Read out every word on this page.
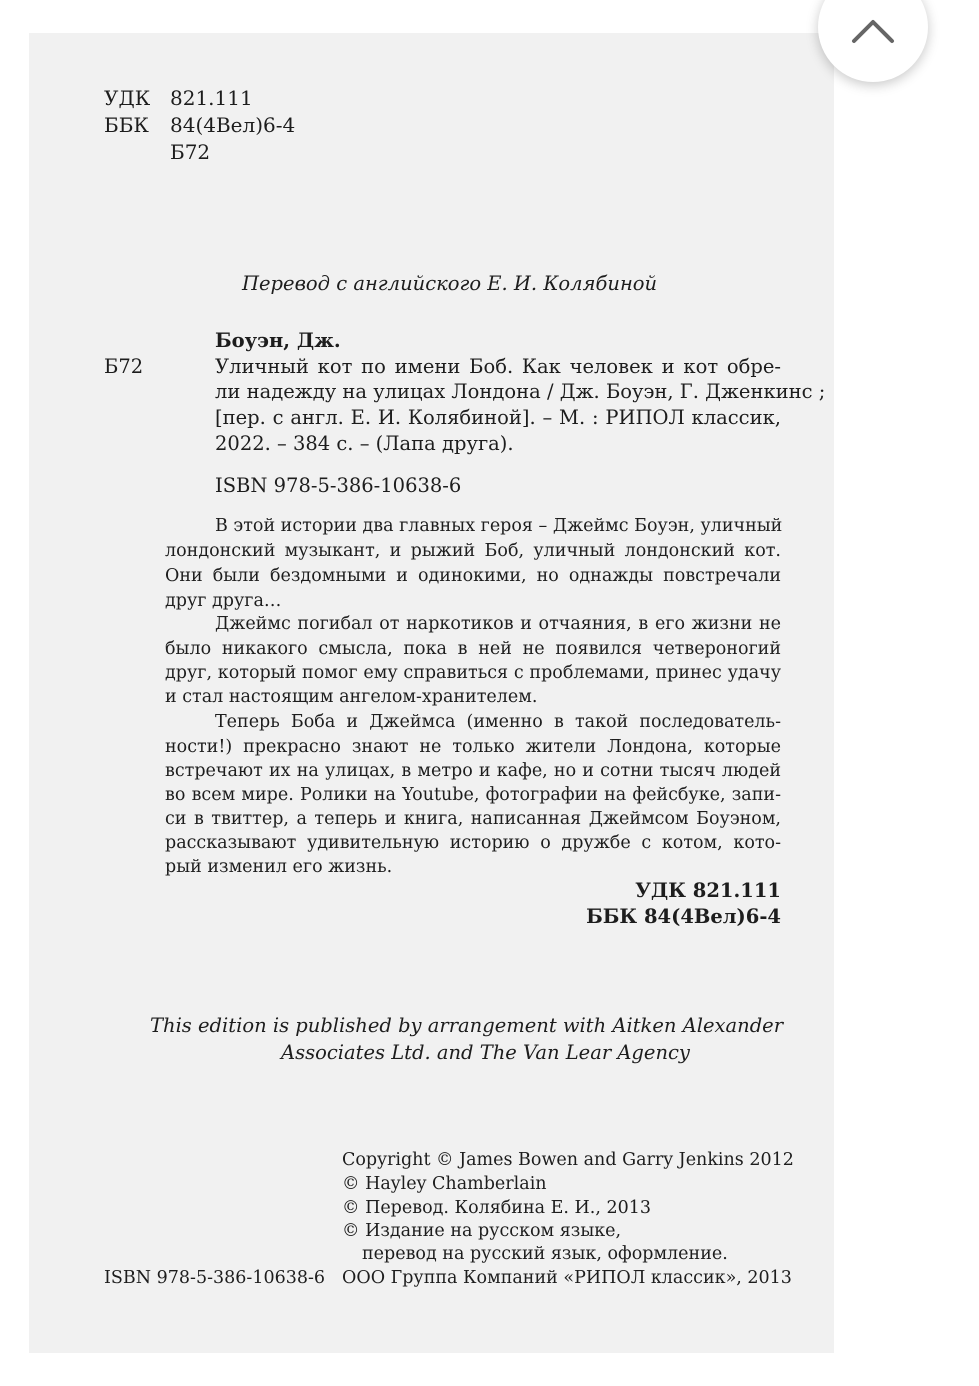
УДК 821.111
ББК 84(4Вел)6-4
Б72
Перевод с английского Е. И. Колябиной
Боуэн, Дж.
Б72	Уличный кот по имени Боб. Как человек и кот обре-
ли надежду на улицах Лондона / Дж. Боуэн, Г. Дженкинс ;
[пер. с англ. Е. И. Колябиной]. – М. : РИПОЛ классик,
2022. – 384 с. – (Лапа друга).
ISBN 978-5-386-10638-6
В этой истории два главных героя – Джеймс Боуэн, уличный
лондонский музыкант, и рыжий Боб, уличный лондонский кот.
Они были бездомными и одинокими, но однажды повстречали
друг друга…
Джеймс погибал от наркотиков и отчаяния, в его жизни не
было никакого смысла, пока в ней не появился четвероногий
друг, который помог ему справиться с проблемами, принес удачу
и стал настоящим ангелом-хранителем.
Теперь Боба и Джеймса (именно в такой последователь-
ности!) прекрасно знают не только жители Лондона, которые
встречают их на улицах, в метро и кафе, но и сотни тысяч людей
во всем мире. Ролики на Youtube, фотографии на фейсбуке, запи-
си в твиттер, а теперь и книга, написанная Джеймсом Боуэном,
рассказывают удивительную историю о дружбе с котом, кото-
рый изменил его жизнь.
УДК 821.111
ББК 84(4Вел)6-4
This edition is published by arrangement with Aitken Alexander
Associates Ltd. and The Van Lear Agency
Copyright © James Bowen and Garry Jenkins 2012
© Hayley Chamberlain
© Перевод. Колябина Е. И., 2013
© Издание на русском языке,
перевод на русский язык, оформление.
ООО Группа Компаний «РИПОЛ классик», 2013
ISBN 978-5-386-10638-6
